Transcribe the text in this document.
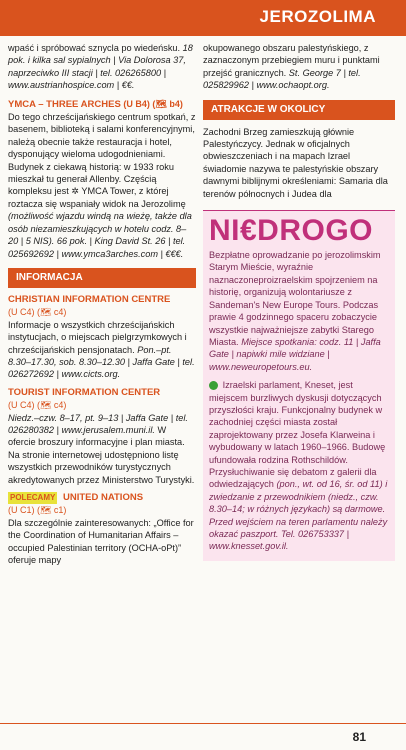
JEROZOLIMA

wpaść i spróbować sznycla po wiedeńsku. 18 pok. i kilka sal sypialnych | Via Dolorosa 37, naprzeciwko III stacji | tel. 026265800 | www.austrianhospice.com | €€.

YMCA – THREE ARCHES (U B4) (🗺 b4)

Do tego chrześcijańskiego centrum spotkań, z basenem, biblioteką i salami konferencyjnymi, należą obecnie także restauracja i hotel, dysponujący wieloma udogodnieniami. Budynek z ciekawą historią: w 1933 roku mieszkał tu generał Allenby. Częścią kompleksu jest ✲ YMCA Tower, z której roztacza się wspaniały widok na Jerozolimę (możliwość wjazdu windą na wieżę, także dla osób niezamieszkujących w hotelu codz. 8–20 | 5 NIS). 66 pok. | King David St. 26 | tel. 025692692 | www.ymca3arches.com | €€€.

INFORMACJA
CHRISTIAN INFORMATION CENTRE
(U C4) (🗺 c4)

Informacje o wszystkich chrześcijańskich instytucjach, o miejscach pielgrzymkowych i chrześcijańskich pensjonatach. Pon.–pt. 8.30–17.30, sob. 8.30–12.30 | Jaffa Gate | tel. 026272692 | www.cicts.org.

TOURIST INFORMATION CENTER
(U C4) (🗺 c4)

Niedz.–czw. 8–17, pt. 9–13 | Jaffa Gate | tel. 026280382 | www.jerusalem.muni.il. W ofercie broszury informacyjne i plan miasta. Na stronie internetowej udostępniono listę wszystkich przewodników turystycznych akredytowanych przez Ministerstwo Turystyki.

POLECAMY UNITED NATIONS
(U C1) (🗺 c1)

Dla szczególnie zainteresowanych: „Office for the Coordination of Humanitarian Affairs – occupied Palestinian territory (OCHA-oPt)” oferuje mapy

okupowanego obszaru palestyńskiego, z zaznaczonym przebiegiem muru i punktami przejść granicznych. St. George 7 | tel. 025829962 | www.ochaopt.org.

ATRAKCJE W OKOLICY

Zachodni Brzeg zamieszkują głównie Palestyńczycy. Jednak w oficjalnych obwieszczeniach i na mapach Izrael świadomie nazywa te palestyńskie obszary dawnymi biblijnymi określeniami: Samaria dla terenów północnych i Judea dla

NI€DROGO

Bezpłatne oprowadzanie po jerozolimskim Starym Mieście, wyraźnie naznaczoneproizraelskim spojrzeniem na historię, organizują wolontariusze z Sandeman's New Europe Tours. Podczas prawie 4 godzinnego spaceru zobaczycie wszystkie najważniejsze zabytki Starego Miasta. Miejsce spotkania: codz. 11 | Jaffa Gate | napiwki mile widziane | www.neweuropetours.eu.

Izraelski parlament, Kneset, jest miejscem burzliwych dyskusji dotyczących przyszłości kraju. Funkcjonalny budynek w zachodniej części miasta został zaprojektowany przez Josefa Klarweina i wybudowany w latach 1960–1966. Budowę ufundowała rodzina Rothschildów. Przysłuchiwanie się debatom z galerii dla odwiedzających (pon., wt. od 16, śr. od 11) i zwiedzanie z przewodnikiem (niedz., czw. 8.30–14; w różnych językach) są darmowe. Przed wejściem na teren parlamentu należy okazać paszport. Tel. 026753337 | www.knesset.gov.il.

81
